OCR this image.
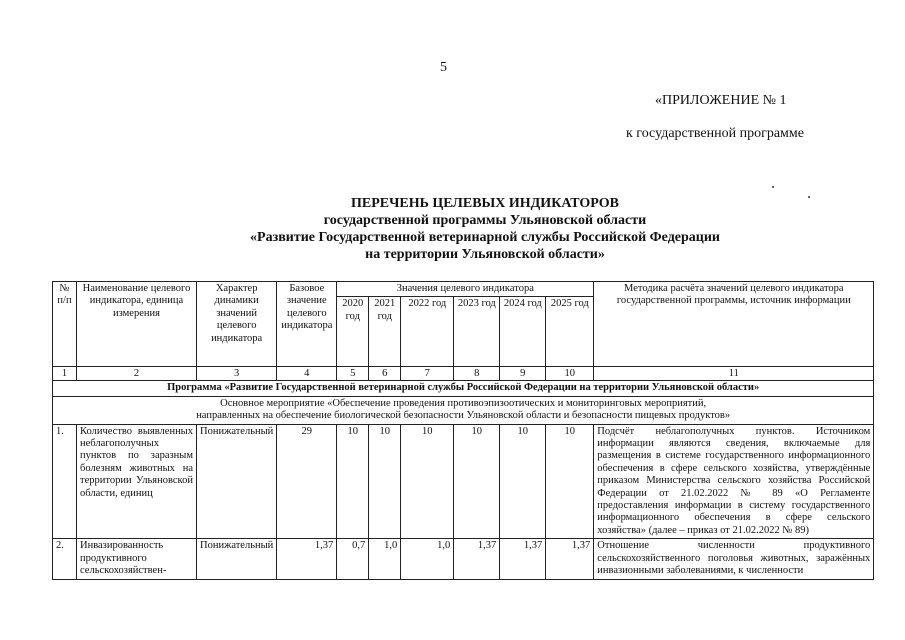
5
«ПРИЛОЖЕНИЕ № 1
к государственной программе
ПЕРЕЧЕНЬ ЦЕЛЕВЫХ ИНДИКАТОРОВ
государственной программы Ульяновской области
«Развитие Государственной ветеринарной службы Российской Федерации
на территории Ульяновской области»
№ п/п	Наименование целевого индикатора, единица измерения	Характер динамики значений целевого индикатора	Базовое значение целевого индикатора	Значения целевого индикатора						Методика расчёта значений целевого индикатора государственной программы, источник информации
				2020 год	2021 год	2022 год	2023 год	2024 год	2025 год	
1	2	3	4	5	6	7	8	9	10	11
Программа «Развитие Государственной ветеринарной службы Российской Федерации на территории Ульяновской области»										

Основное мероприятие «Обеспечение проведения противоэпизоотических и мониторинговых мероприятий,
направленных на обеспечение биологической безопасности Ульяновской области и безопасности пищевых продуктов»										

1.	Количество выявленных неблагополучных пунктов по заразным болезням животных на территории Ульяновской области, единиц	Понижательный	29	10	10	10	10	10	10	Подсчёт неблагополучных пунктов. Источником информации являются сведения, включаемые для размещения в системе государственного информационного обеспечения в сфере сельского хозяйства, утверждённые приказом Министерства сельского хозяйства Российской Федерации от 21.02.2022 № 89 «О Регламенте предоставления информации в систему государственного информационного обеспечения в сфере сельского хозяйства» (далее – приказ от 21.02.2022 № 89)
2.	Инвазированность продуктивного сельскохозяйствен-	Понижательный	1,37	0,7	1,0	1,0	1,37	1,37	1,37	Отношение численности продуктивного сельскохозяйственного поголовья животных, заражённых инвазионными заболеваниями, к численности
